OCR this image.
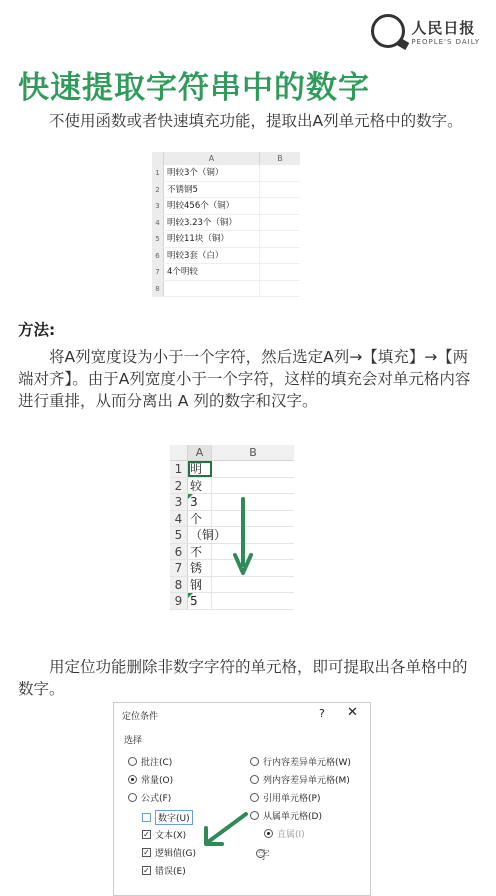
人民日报
PEOPLE'S DAILY
快速提取字符串中的数字
不使用函数或者快速填充功能，提取出A列单元格中的数字。
A	B
1 明较3个（铜）
2 不锈钢5
3 明较456个（铜）
4 明较3.23个（铜）
5 明较11块（铜）
6 明较3套（白）
7 4个明较
8
方法:
将A列宽度设为小于一个字符，然后选定A列→【填充】→【两端对齐】。由于A列宽度小于一个字符，这样的填充会对单元格内容进行重排，从而分离出 A 列的数字和汉字。
A	B
1 明
2 较
3 3
4 个
5 （铜）
6 不
7 锈
8 钢
9 5
用定位功能删除非数字字符的单元格，即可提取出各单格中的数字。
定位条件	? ✕
选择
批注(C)
常量(O)
公式(F)
数字(U)
✓ 文本(X)
✓ 逻辑值(G)
✓ 错误(E)
行内容差异单元格(W)
列内容差异单元格(M)
引用单元格(P)
从属单元格(D)
直属(I)
字
